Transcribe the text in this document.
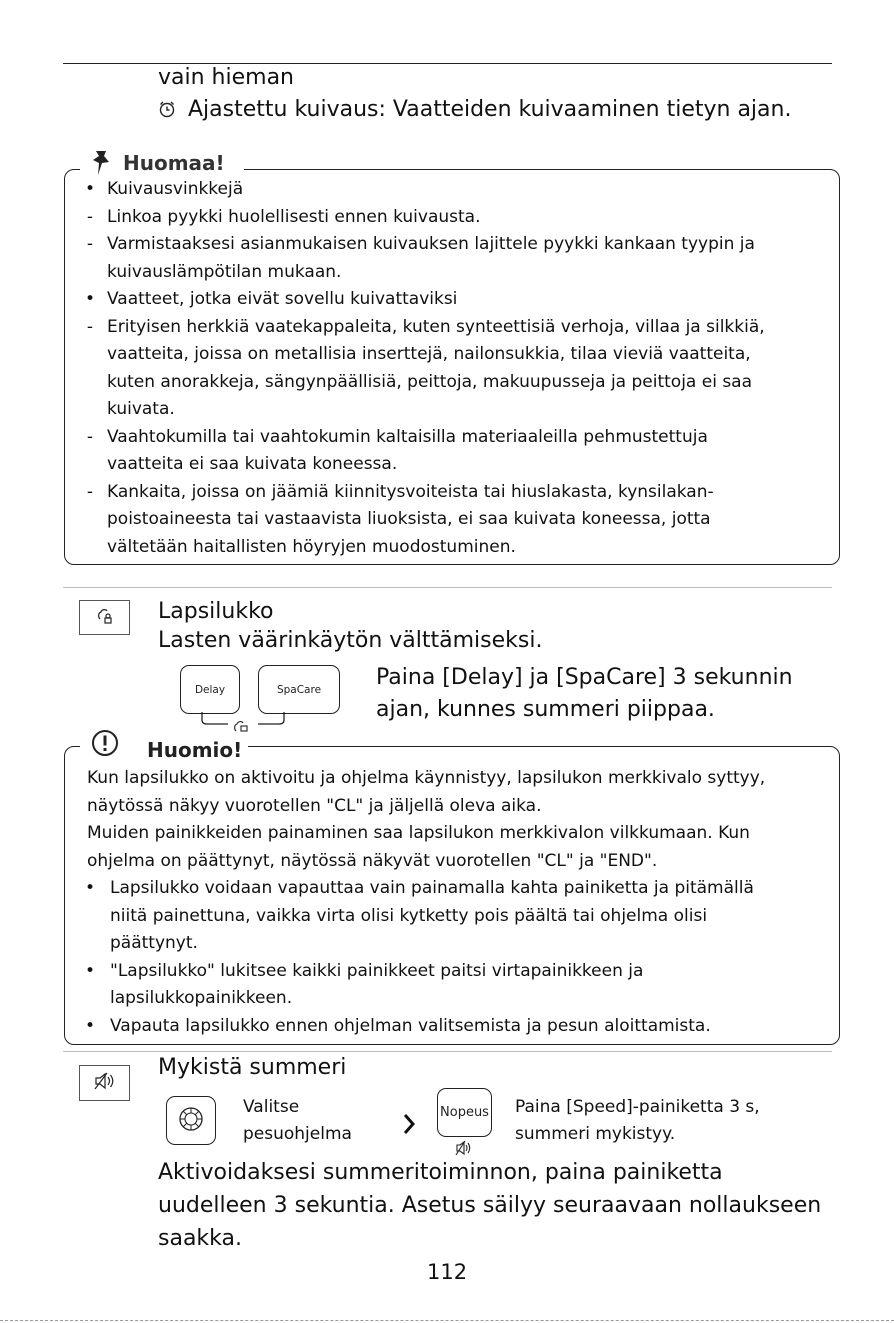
vain hieman
Ajastettu kuivaus: Vaatteiden kuivaaminen tietyn ajan.
Huomaa!
• Kuivausvinkkejä
- Linkoa pyykki huolellisesti ennen kuivausta.
- Varmistaaksesi asianmukaisen kuivauksen lajittele pyykki kankaan tyypin ja
kuivauslämpötilan mukaan.
• Vaatteet, jotka eivät sovellu kuivattaviksi
- Erityisen herkkiä vaatekappaleita, kuten synteettisiä verhoja, villaa ja silkkiä,
vaatteita, joissa on metallisia inserttejä, nailonsukkia, tilaa vieviä vaatteita,
kuten anorakkeja, sängynpäällisiä, peittoja, makuupusseja ja peittoja ei saa
kuivata.
- Vaahtokumilla tai vaahtokumin kaltaisilla materiaaleilla pehmustettuja
vaatteita ei saa kuivata koneessa.
- Kankaita, joissa on jäämiä kiinnitysvoiteista tai hiuslakasta, kynsilakan-
poistoaineesta tai vastaavista liuoksista, ei saa kuivata koneessa, jotta
vältetään haitallisten höyryjen muodostuminen.
Lapsilukko
Lasten väärinkäytön välttämiseksi.
Delay	SpaCare Paina [Delay] ja [SpaCare] 3 sekunnin
ajan, kunnes summeri piippaa.
Huomio!
Kun lapsilukko on aktivoitu ja ohjelma käynnistyy, lapsilukon merkkivalo syttyy,
näytössä näkyy vuorotellen "CL" ja jäljellä oleva aika.
Muiden painikkeiden painaminen saa lapsilukon merkkivalon vilkkumaan. Kun
ohjelma on päättynyt, näytössä näkyvät vuorotellen "CL" ja "END".
• Lapsilukko voidaan vapauttaa vain painamalla kahta painiketta ja pitämällä
niitä painettuna, vaikka virta olisi kytketty pois päältä tai ohjelma olisi
päättynyt.
• "Lapsilukko" lukitsee kaikki painikkeet paitsi virtapainikkeen ja
lapsilukkopainikkeen.
• Vapauta lapsilukko ennen ohjelman valitsemista ja pesun aloittamista.
Mykistä summeri
Valitse
pesuohjelma
Nopeus Paina [Speed]-painiketta 3 s,
summeri mykistyy.
Aktivoidaksesi summeritoiminnon, paina painiketta
uudelleen 3 sekuntia. Asetus säilyy seuraavaan nollaukseen
saakka.
112
